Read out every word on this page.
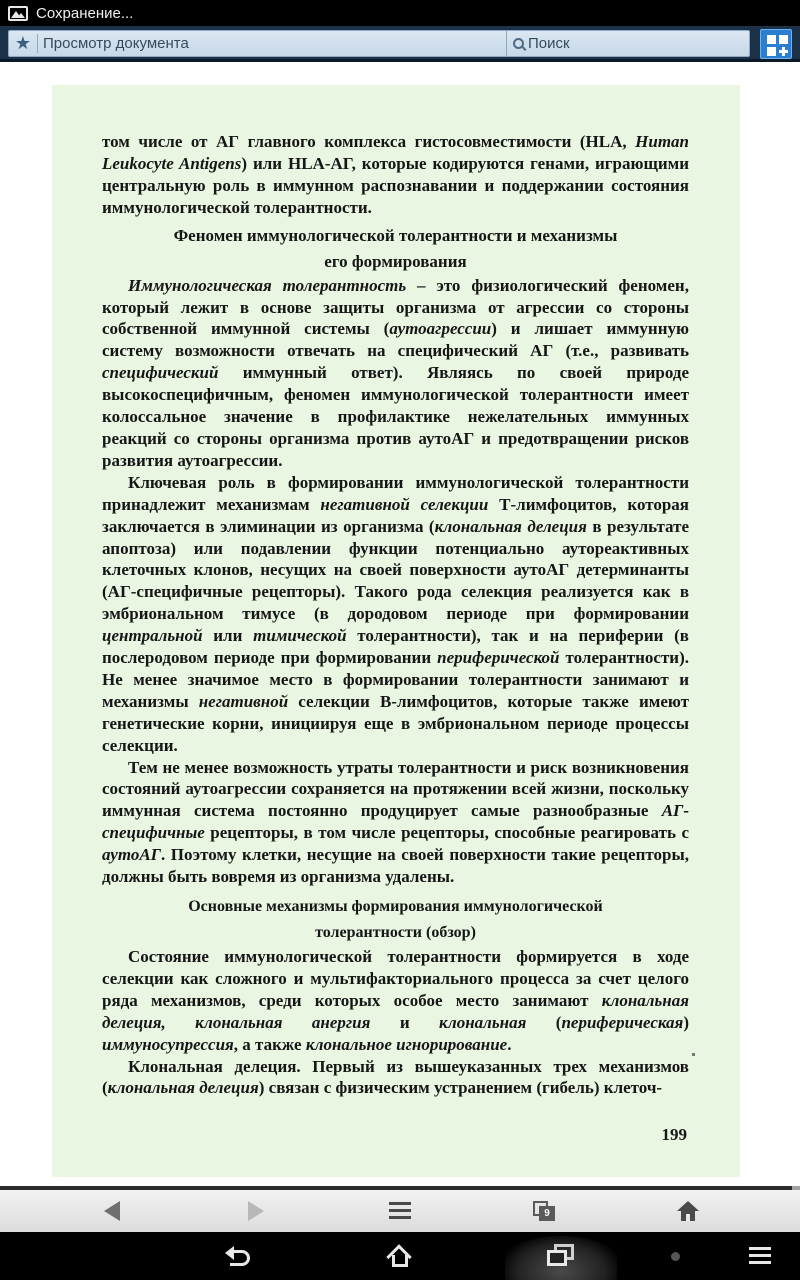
Сохранение...
★ Просмотр документа	Поиск

том числе от АГ главного комплекса гистосовместимости (HLA, Human Leukocyte Antigens) или HLA-АГ, которые кодируются генами, играющими центральную роль в иммунном распознавании и поддержании состояния иммунологической толерантности.

Феномен иммунологической толерантности и механизмы
его формирования

Иммунологическая толерантность – это физиологический феномен, который лежит в основе защиты организма от агрессии со стороны собственной иммунной системы (аутоагрессии) и лишает иммунную систему возможности отвечать на специфический АГ (т.е., развивать специфический иммунный ответ). Являясь по своей природе высокоспецифичным, феномен иммунологической толерантности имеет колоссальное значение в профилактике нежелательных иммунных реакций со стороны организма против аутоАГ и предотвращении рисков развития аутоагрессии.

Ключевая роль в формировании иммунологической толерантности принадлежит механизмам негативной селекции Т-лимфоцитов, которая заключается в элиминации из организма (клональная делеция в результате апоптоза) или подавлении функции потенциально аутореактивных клеточных клонов, несущих на своей поверхности аутоАГ детерминанты (АГ-специфичные рецепторы). Такого рода селекция реализуется как в эмбриональном тимусе (в дородовом периоде при формировании центральной или тимической толерантности), так и на периферии (в послеродовом периоде при формировании периферической толерантности). Не менее значимое место в формировании толерантности занимают и механизмы негативной селекции В-лимфоцитов, которые также имеют генетические корни, инициируя еще в эмбриональном периоде процессы селекции.

Тем не менее возможность утраты толерантности и риск возникновения состояний аутоагрессии сохраняется на протяжении всей жизни, поскольку иммунная система постоянно продуцирует самые разнообразные АГ-специфичные рецепторы, в том числе рецепторы, способные реагировать с аутоАГ. Поэтому клетки, несущие на своей поверхности такие рецепторы, должны быть вовремя из организма удалены.

Основные механизмы формирования иммунологической
толерантности (обзор)

Состояние иммунологической толерантности формируется в ходе селекции как сложного и мультифакториального процесса за счет целого ряда механизмов, среди которых особое место занимают клональная делеция, клональная анергия и клональная (периферическая) иммуносупрессия, а также клональное игнорирование.

Клональная делеция. Первый из вышеуказанных трех механизмов (клональная делеция) связан с физическим устранением (гибель) клеточ-

199
9
